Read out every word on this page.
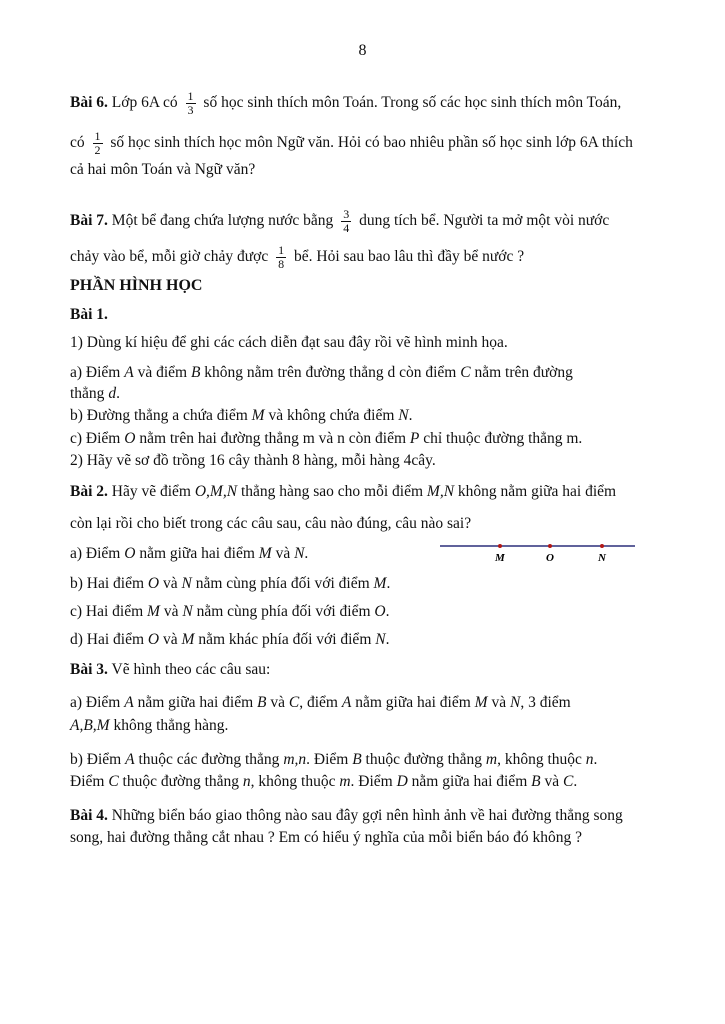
8
Bài 6. Lớp 6A có $\frac{1}{3}$ số học sinh thích môn Toán. Trong số các học sinh thích môn Toán,
có $\frac{1}{2}$ số học sinh thích học môn Ngữ văn. Hỏi có bao nhiêu phần số học sinh lớp 6A thích
cả hai môn Toán và Ngữ văn?
Bài 7. Một bể đang chứa lượng nước bằng $\frac{3}{4}$ dung tích bể. Người ta mở một vòi nước
chảy vào bể, mỗi giờ chảy được $\frac{1}{8}$ bể. Hỏi sau bao lâu thì đầy bể nước ?
PHẦN HÌNH HỌC
Bài 1.
1) Dùng kí hiệu để ghi các cách diễn đạt sau đây rồi vẽ hình minh họa.
a) Điểm A và điểm B không nằm trên đường thẳng d còn điểm C nằm trên đường
thẳng d.
b) Đường thẳng a chứa điểm M và không chứa điểm N.
c) Điểm O nằm trên hai đường thẳng m và n còn điểm P chỉ thuộc đường thẳng m.
2) Hãy vẽ sơ đồ trồng 16 cây thành 8 hàng, mỗi hàng 4cây.
Bài 2. Hãy vẽ điểm O,M,N thẳng hàng sao cho mỗi điểm M,N không nằm giữa hai điểm
còn lại rồi cho biết trong các câu sau, câu nào đúng, câu nào sai?
a) Điểm O nằm giữa hai điểm M và N.
b) Hai điểm O và N nằm cùng phía đối với điểm M.
c) Hai điểm M và N nằm cùng phía đối với điểm O.
d) Hai điểm O và M nằm khác phía đối với điểm N.
M	O	N
Bài 3. Vẽ hình theo các câu sau:
a) Điểm A nằm giữa hai điểm B và C, điểm A nằm giữa hai điểm M và N, 3 điểm
A,B,M không thẳng hàng.
b) Điểm A thuộc các đường thẳng m,n. Điểm B thuộc đường thẳng m, không thuộc n.
Điểm C thuộc đường thẳng n, không thuộc m. Điểm D nằm giữa hai điểm B và C.
Bài 4. Những biển báo giao thông nào sau đây gợi nên hình ảnh về hai đường thẳng song
song, hai đường thẳng cắt nhau ? Em có hiểu ý nghĩa của mỗi biển báo đó không ?
